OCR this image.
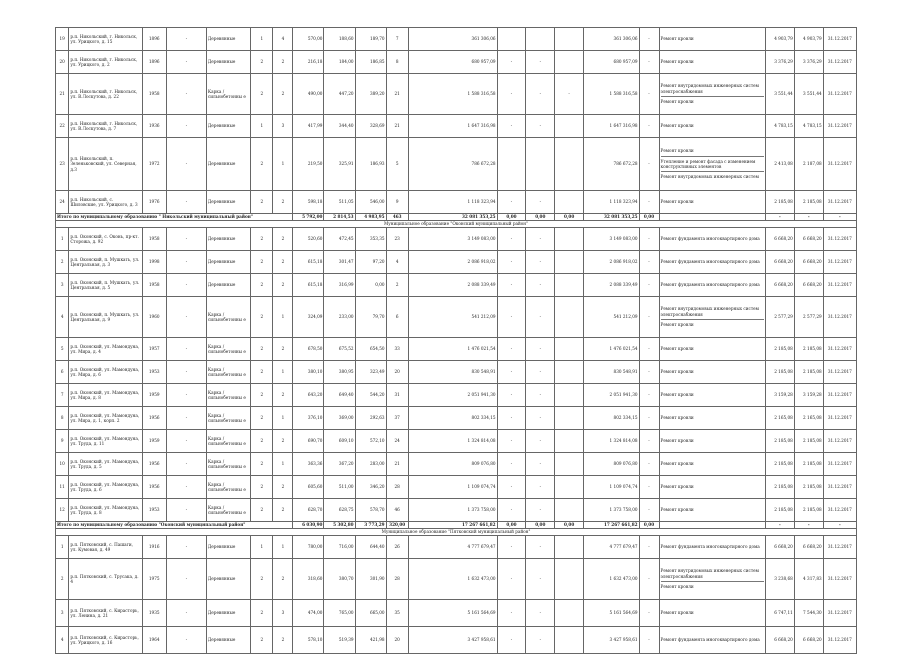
19	р.п. Никольский, г. Никольск, ул. Урицкого, д. 15	1896	-	Деревянные	1	4	570,00	188,60	189,70	7	361 306,06				361 306,06	-	Ремонт кровли	4 903,79	4 903,79	31.12.2017
20	р.п. Никольский, г. Никольск, ул. Урицкого, д. 2	1896	-	Деревянные	2	2	216,18	184,00	186,85	8	680 957,09	-	-		680 957,09	-	Ремонт кровли	3 376,29	3 376,29	31.12.2017
21	р.п. Никольский, г. Никольск, ул. В.Лоскутова, д. 22	1958	-	Карка / сильнобетонны е	2	2	490,00	447,20	389,20	21	1 588 316,58	-	-	-	1 588 316,58	-	Ремонт внутридомовых инженерных систем электроснабжения
Ремонт кровли	3 551,44	3 551,44	31.12.2017
22	р.п. Никольский, г. Никольск, ул. В.Лоскутова, д. 7	1936	-	Деревянные	1	3	417,99	344,40	328,69	21	1 647 316,98	-	-		1 647 316,98	-	Ремонт кровли	4 783,15	4 783,15	31.12.2017
23	р.п. Никольский, п. Зеленьковский, ул. Северная, д.3	1972	-	Деревянные	2	1	219,50	325,91	186,93	5	786 672,28				786 672,28	-	Ремонт кровли
Утепление и ремонт фасада с изменением конструктивных элементов
Ремонт внутридомовых инженерных систем	2 413,08	2 187,08	31.12.2017
24	р.п. Никольский, с. Шиловские, ул. Урицкого, д. 3	1976	-	Деревянные	2	2	598,18	511,05	546,00	9	1 118 323,94	-	-		1 118 323,94	-	Ремонт кровли	2 185,08	2 185,08	31.12.2017
Итого по муниципальному образованию " Никольский муниципальный район"							5 792,00	2 814,53	4 983,95	463	32 081 353,25	0,00	0,00	0,00	32 081 353,25	0,00		-	-	-
Муниципальное образование "Оконский муниципальный район"																				
1	р.п. Оконский, с. Оконь, пр-кт. Сторожа, д. 92	1958	-	Деревянные	2	2	520,60	472,45	353,35	23	3 149 083,00	-	-		3 149 083,00	-	Ремонт фундамента многоквартирного дома	6 668,20	6 668,20	31.12.2017
2	р.п. Оконский, п. Мушкать, ул. Центральная, д. 3	1998	-	Деревянные	2	2	615,18	301,47	97,20	4	2 086 918,02	-	-		2 086 918,02	-	Ремонт фундамента многоквартирного дома	6 668,20	6 668,20	31.12.2017
3	р.п. Оконский, п. Мушкать, ул. Центральная, д. 5	1958	-	Деревянные	2	2	615,18	316,99	0,00	2	2 088 339,49	-	-		2 088 339,49	-	Ремонт фундамента многоквартирного дома	6 668,20	6 668,20	31.12.2017
4	р.п. Оконский, п. Мушкать, ул. Центральная, д. 9	1960	-	Карка / сильнобетонны е	2	1	324,09	233,00	79,70	6	541 212,09	-	-		541 212,09	-	Ремонт внутридомовых инженерных систем электроснабжения
Ремонт кровли	2 577,29	2 577,29	31.12.2017
5	р.п. Оконский, ул. Мамондуна, ул. Мира, д. 4	1957	-	Карка / сильнобетонны е	2	2	678,50	675,52	654,50	33	1 476 021,54	-	-		1 476 021,54	-	Ремонт кровли	2 185,08	2 185,08	31.12.2017
6	р.п. Оконский, ул. Мамондуна, ул. Мира, д. 6	1953	-	Карка / сильнобетонны е	2	1	380,10	380,95	323,49	20	830 548,91	-	-		830 548,91	-	Ремонт кровли	2 185,08	2 185,08	31.12.2017
7	р.п. Оконский, ул. Мамондуна, ул. Мира, д. 8	1959	-	Карка / сильнобетонны е	2	2	643,20	649,40	544,20	31	2 051 941,30	-	-		2 051 941,30	-	Ремонт кровли	3 159,28	3 159,28	31.12.2017
8	р.п. Оконский, ул. Мамондуна, ул. Мира, д. 1, корп. 2	1956	-	Карка / сильнобетонны е	2	1	376,10	369,00	292,63	37	802 334,15	-	-		802 334,15	-	Ремонт кровли	2 165,08	2 165,08	31.12.2017
9	р.п. Оконский, ул. Мамондуна, ул. Труда, д. 11	1959	-	Карка / сильнобетонны е	2	2	690,70	609,10	572,10	24	1 324 814,08	-	-		1 324 814,08	-	Ремонт кровли	2 185,08	2 185,08	31.12.2017
10	р.п. Оконский, ул. Мамондуна, ул. Труда, д. 5	1956	-	Карка / сильнобетонны е	2	1	363,36	367,20	283,00	21	809 076,80	-	-		809 076,80	-	Ремонт кровли	2 185,08	2 185,08	31.12.2017
11	р.п. Оконский, ул. Мамондуна, ул. Труда, д. 6	1956	-	Карка / сильнобетонны е	2	2	605,60	511,00	346,20	28	1 109 074,74	-	-		1 109 074,74	-	Ремонт кровли	2 185,08	2 185,08	31.12.2017
12	р.п. Оконский, ул. Мамондуна, ул. Труда, д. 8	1953	-	Карка / сильнобетонны е	2	2	628,70	628,75	578,70	46	1 373 758,00	-	-		1 373 758,00	-	Ремонт кровли	2 185,08	2 185,08	31.12.2017
Итого по муниципальному образованию "Оконский муниципальный район"							6 030,90	5 302,80	3 773,29	320,00	17 267 661,82	0,00	0,00	0,00	17 267 661,82	0,00		-	-	-
Муниципальное образование "Пятковский муниципальный район"																				
1	р.п. Пятковский, с. Пашаги, ул. Кумовая, д. 49	1916	-	Деревянные	1	1	780,00	716,00	644,40	26	4 777 679,47	-	-		4 777 679,47	-	Ремонт фундамента многоквартирного дома	6 668,20	6 668,20	31.12.2017
2	р.п. Пятковский, с. Трусака, д. 4	1975	-	Деревянные	2	2	318,60	380,70	301,90	28	1 632 473,00	-	-		1 632 473,00	-	Ремонт внутридомовых инженерных систем электроснабжения
Ремонт кровли	3 238,68	4 317,83	31.12.2017
3	р.п. Пятковский, с. Кирасторь, ул. Ленина, д. 21	1935	-	Деревянные	2	3	474,00	765,00	665,00	35	5 161 564,69	-	-		5 161 564,69	-	Ремонт кровли	6 747,11	7 544,30	31.12.2017
4	р.п. Пятковский, с. Кирасторь, ул. Урицкого, д. 16	1964	-	Деревянные	2	2	578,10	519,39	421,98	20	3 427 958,61	-	-		3 427 958,61	-	Ремонт фундамента многоквартирного дома	6 668,20	6 668,20	31.12.2017
